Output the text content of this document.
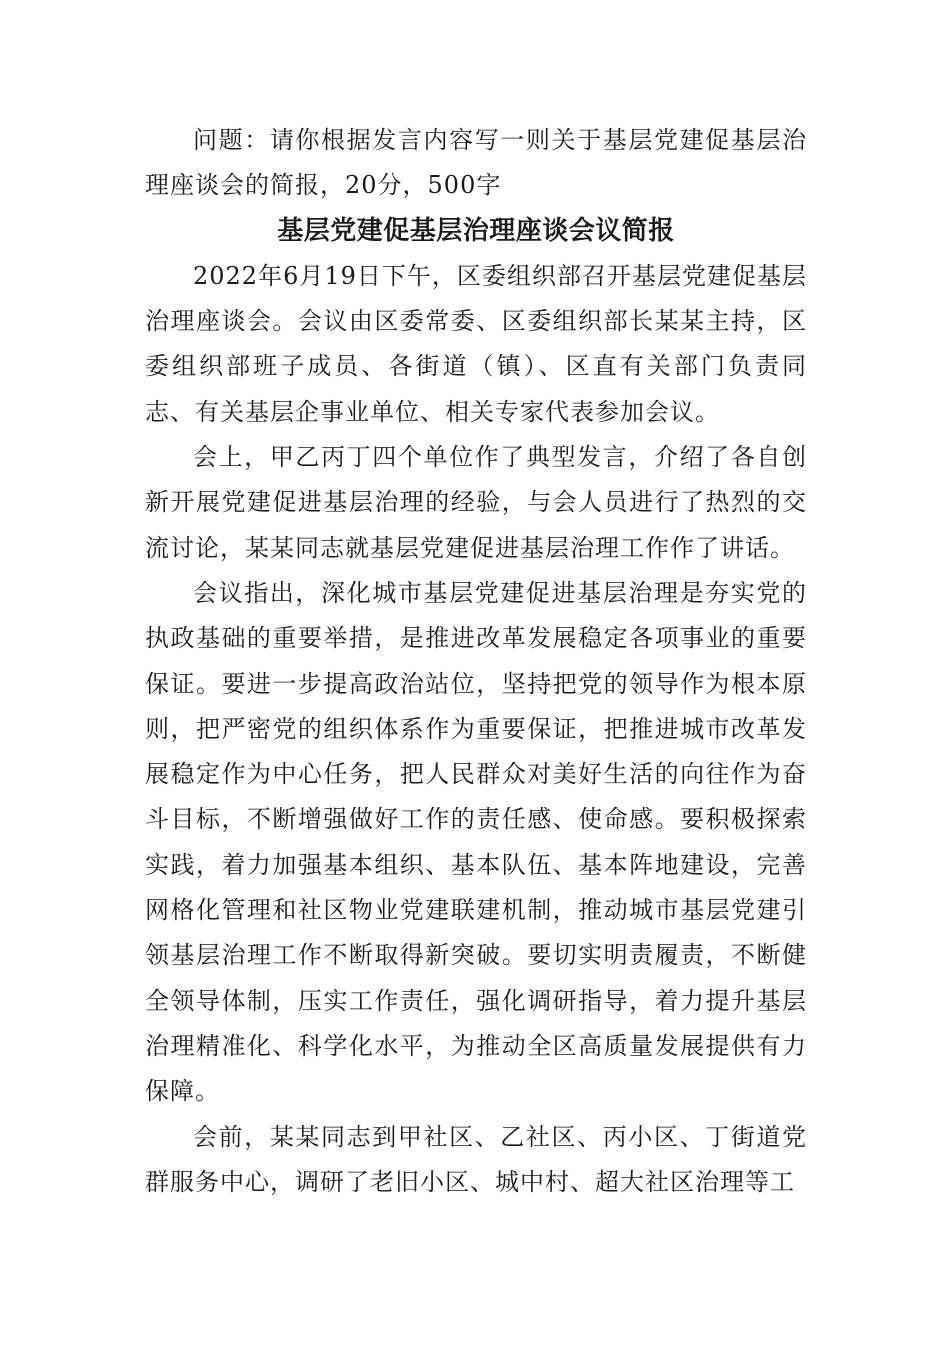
问题：请你根据发言内容写一则关于基层党建促基层治理座谈会的简报，20分，500字

基层党建促基层治理座谈会议简报

2022年6月19日下午，区委组织部召开基层党建促基层治理座谈会。会议由区委常委、区委组织部长某某主持，区委组织部班子成员、各街道（镇）、区直有关部门负责同志、有关基层企事业单位、相关专家代表参加会议。

会上，甲乙丙丁四个单位作了典型发言，介绍了各自创新开展党建促进基层治理的经验，与会人员进行了热烈的交流讨论，某某同志就基层党建促进基层治理工作作了讲话。

会议指出，深化城市基层党建促进基层治理是夯实党的执政基础的重要举措，是推进改革发展稳定各项事业的重要保证。要进一步提高政治站位，坚持把党的领导作为根本原则，把严密党的组织体系作为重要保证，把推进城市改革发展稳定作为中心任务，把人民群众对美好生活的向往作为奋斗目标，不断增强做好工作的责任感、使命感。要积极探索实践，着力加强基本组织、基本队伍、基本阵地建设，完善网格化管理和社区物业党建联建机制，推动城市基层党建引领基层治理工作不断取得新突破。要切实明责履责，不断健全领导体制，压实工作责任，强化调研指导，着力提升基层治理精准化、科学化水平，为推动全区高质量发展提供有力保障。

会前，某某同志到甲社区、乙社区、丙小区、丁街道党群服务中心，调研了老旧小区、城中村、超大社区治理等工
